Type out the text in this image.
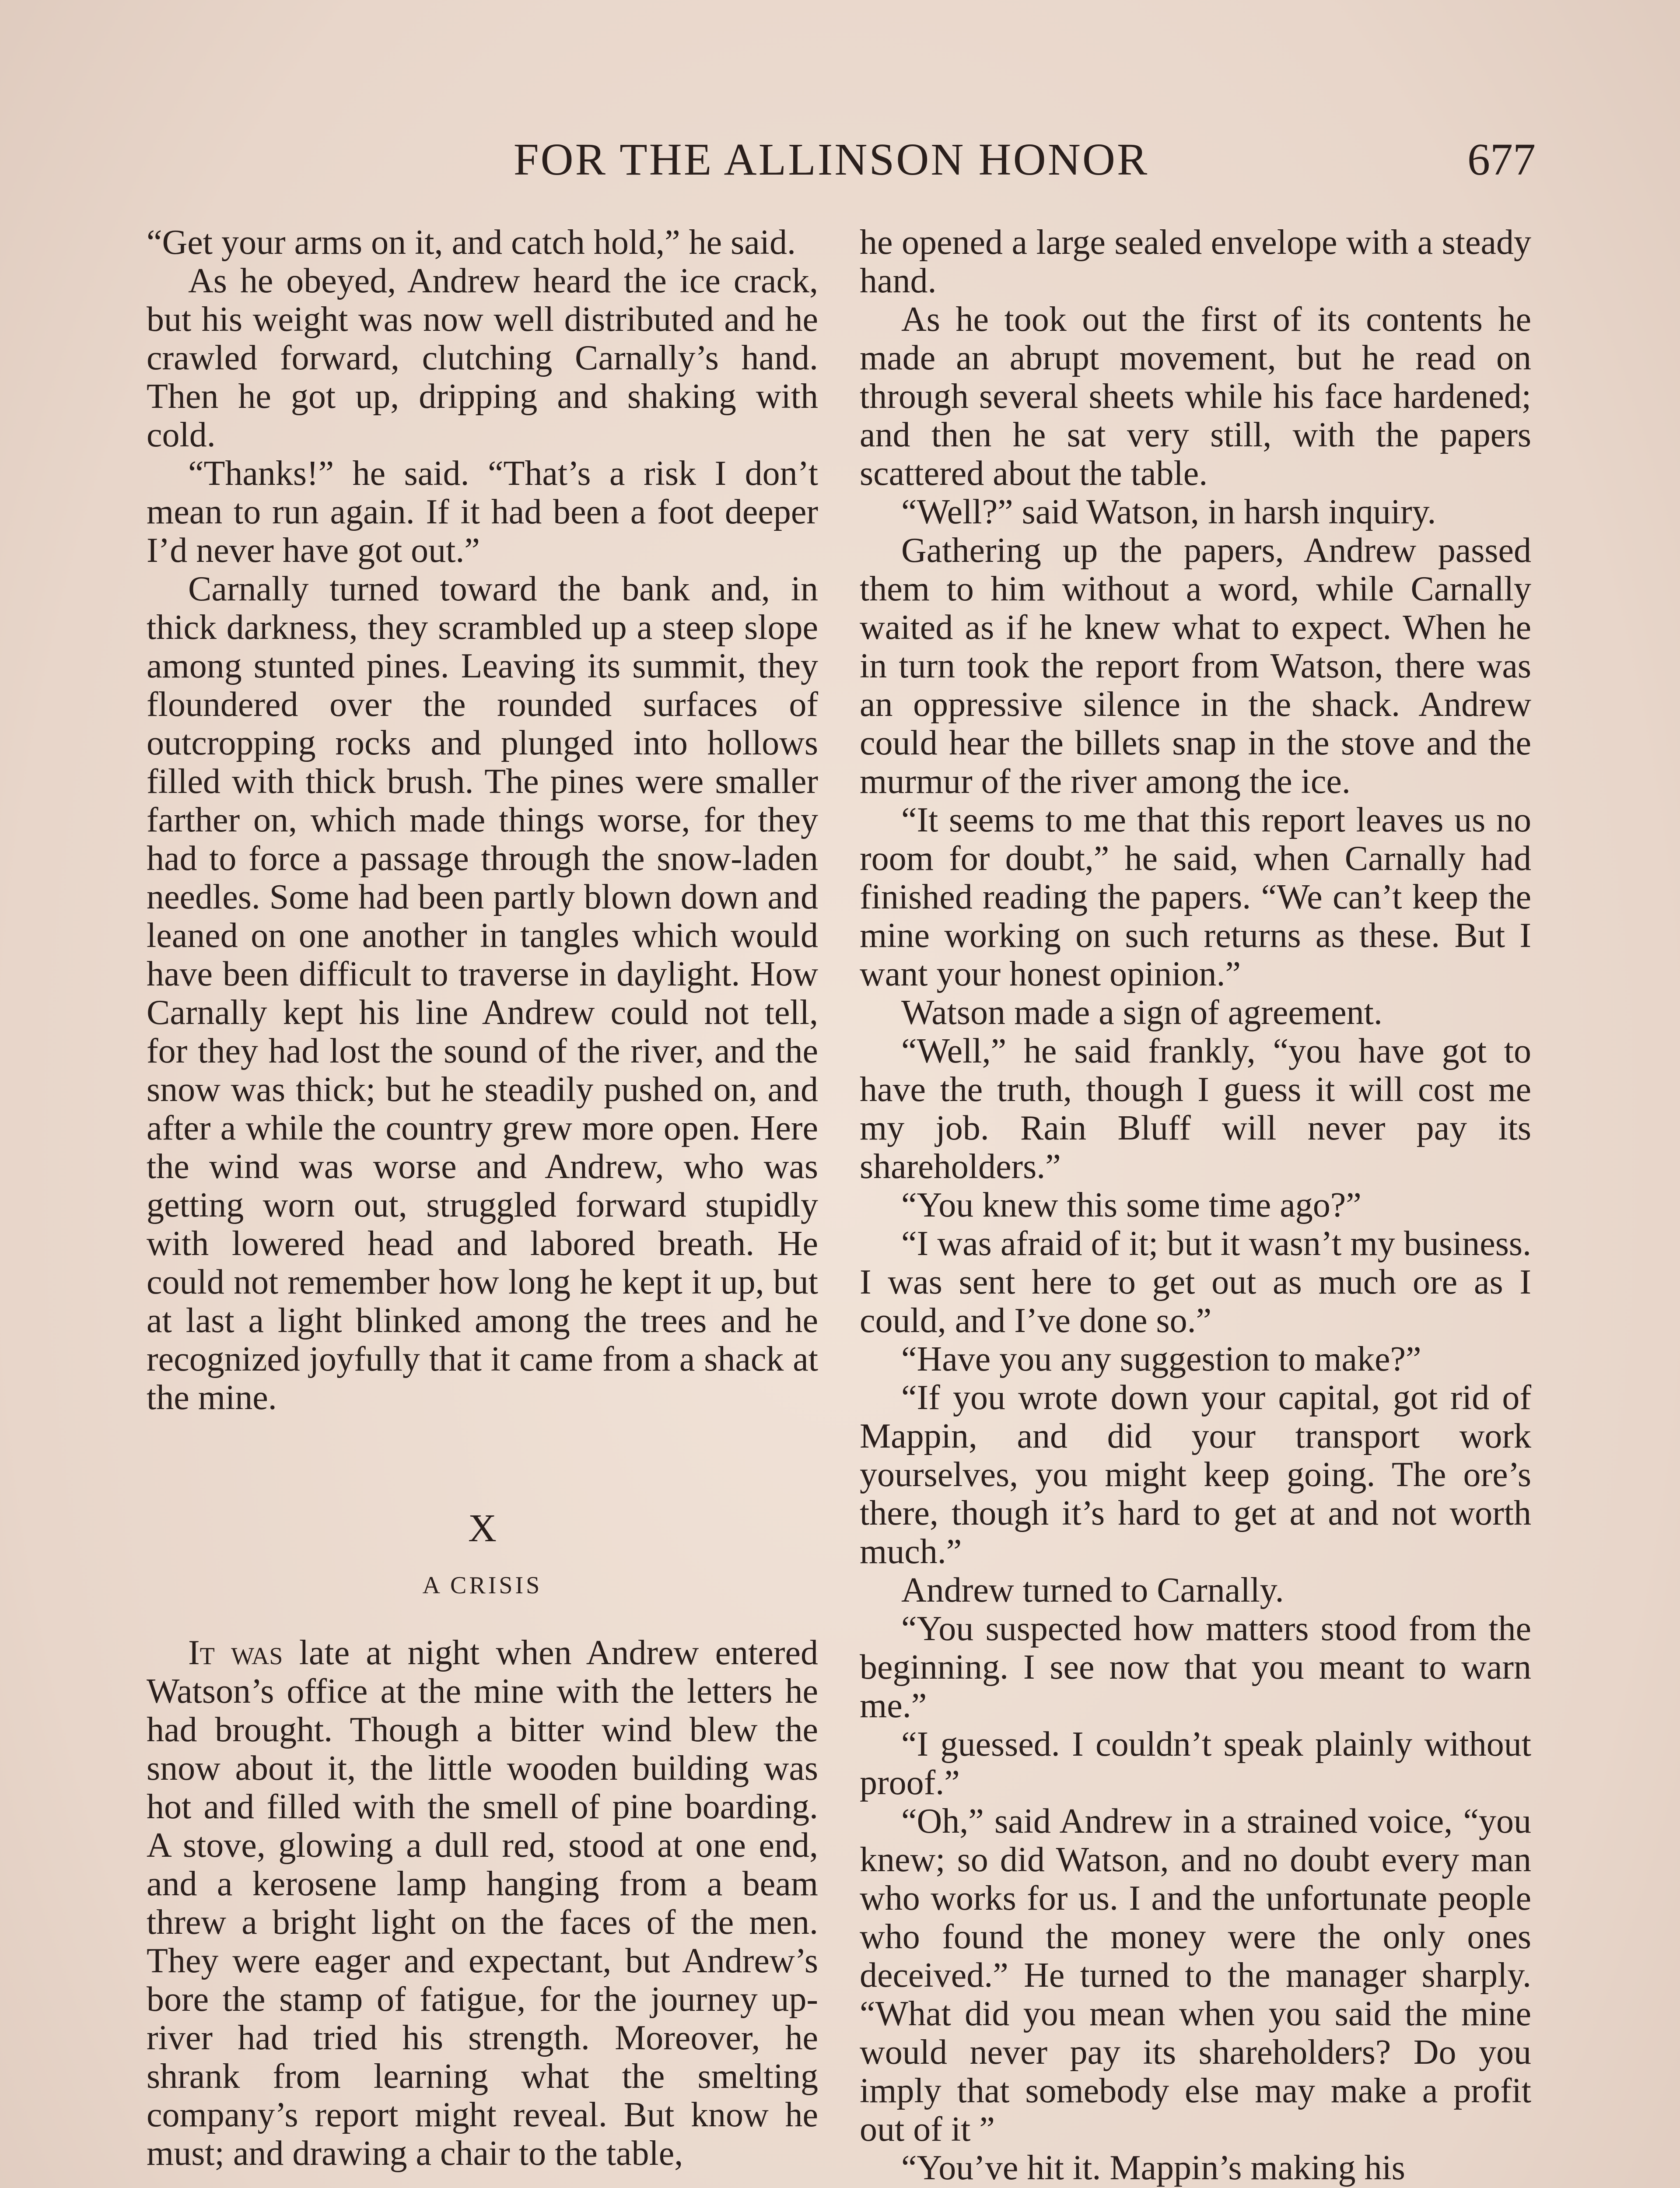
FOR THE ALLINSON HONOR	677

“Get your arms on it, and catch hold,” he said.

As he obeyed, Andrew heard the ice crack, but his weight was now well distributed and he crawled forward, clutching Carnally’s hand. Then he got up, dripping and shaking with cold.

“Thanks!” he said. “That’s a risk I don’t mean to run again. If it had been a foot deeper I’d never have got out.”

Carnally turned toward the bank and, in thick darkness, they scrambled up a steep slope among stunted pines. Leaving its summit, they floundered over the rounded surfaces of outcropping rocks and plunged into hollows filled with thick brush. The pines were smaller farther on, which made things worse, for they had to force a passage through the snow-laden needles. Some had been partly blown down and leaned on one another in tangles which would have been difficult to traverse in daylight. How Carnally kept his line Andrew could not tell, for they had lost the sound of the river, and the snow was thick; but he steadily pushed on, and after a while the country grew more open. Here the wind was worse and Andrew, who was getting worn out, struggled forward stupidly with lowered head and labored breath. He could not remember how long he kept it up, but at last a light blinked among the trees and he recognized joyfully that it came from a shack at the mine.

X
A CRISIS

It was late at night when Andrew entered Watson’s office at the mine with the letters he had brought. Though a bitter wind blew the snow about it, the little wooden building was hot and filled with the smell of pine boarding. A stove, glowing a dull red, stood at one end, and a kerosene lamp hanging from a beam threw a bright light on the faces of the men. They were eager and expectant, but Andrew’s bore the stamp of fatigue, for the journey up-river had tried his strength. Moreover, he shrank from learning what the smelting company’s report might reveal. But know he must; and drawing a chair to the table,

he opened a large sealed envelope with a steady hand.

As he took out the first of its contents he made an abrupt movement, but he read on through several sheets while his face hardened; and then he sat very still, with the papers scattered about the table.

“Well?” said Watson, in harsh inquiry.

Gathering up the papers, Andrew passed them to him without a word, while Carnally waited as if he knew what to expect. When he in turn took the report from Watson, there was an oppressive silence in the shack. Andrew could hear the billets snap in the stove and the murmur of the river among the ice.

“It seems to me that this report leaves us no room for doubt,” he said, when Carnally had finished reading the papers. “We can’t keep the mine working on such returns as these. But I want your honest opinion.”

Watson made a sign of agreement.

“Well,” he said frankly, “you have got to have the truth, though I guess it will cost me my job. Rain Bluff will never pay its shareholders.”

“You knew this some time ago?”

“I was afraid of it; but it wasn’t my business. I was sent here to get out as much ore as I could, and I’ve done so.”

“Have you any suggestion to make?”

“If you wrote down your capital, got rid of Mappin, and did your transport work yourselves, you might keep going. The ore’s there, though it’s hard to get at and not worth much.”

Andrew turned to Carnally.

“You suspected how matters stood from the beginning. I see now that you meant to warn me.”

“I guessed. I couldn’t speak plainly without proof.”

“Oh,” said Andrew in a strained voice, “you knew; so did Watson, and no doubt every man who works for us. I and the unfortunate people who found the money were the only ones deceived.” He turned to the manager sharply. “What did you mean when you said the mine would never pay its shareholders? Do you imply that somebody else may make a profit out of it ”

“You’ve hit it. Mappin’s making his
